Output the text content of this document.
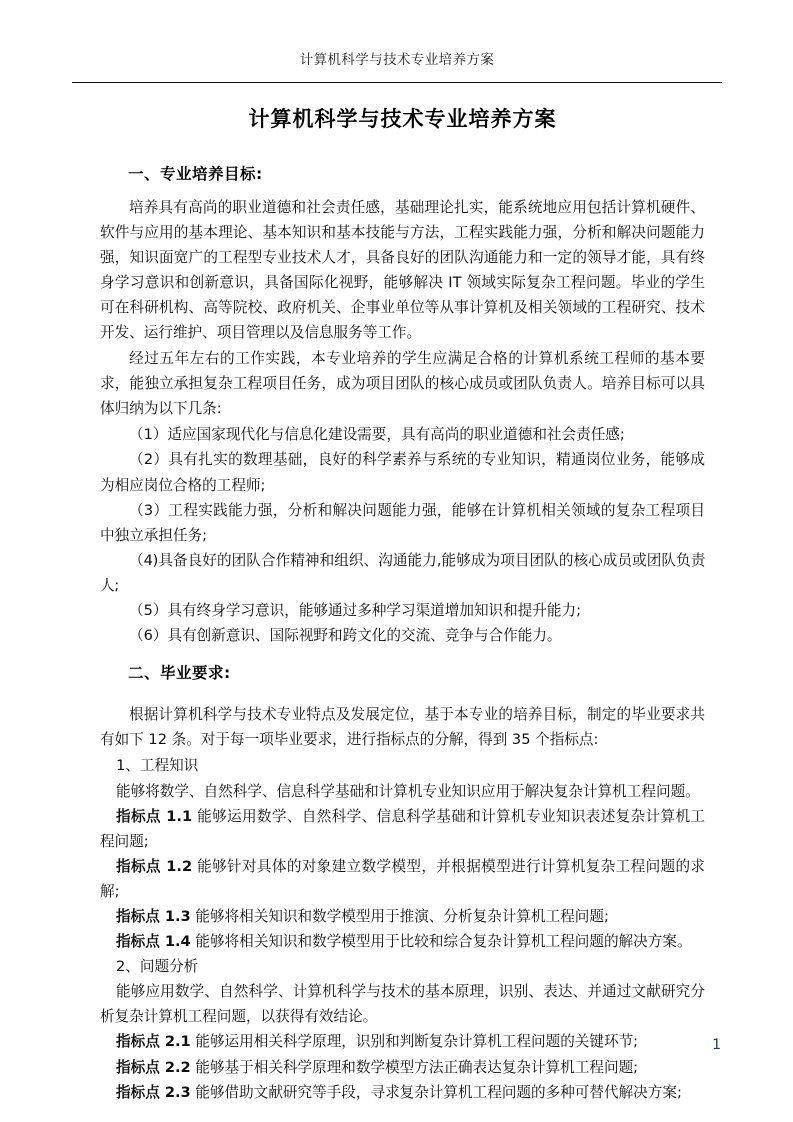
计算机科学与技术专业培养方案
计算机科学与技术专业培养方案

一、专业培养目标:

培养具有高尚的职业道德和社会责任感，基础理论扎实，能系统地应用包括计算机硬件、软件与应用的基本理论、基本知识和基本技能与方法，工程实践能力强，分析和解决问题能力强，知识面宽广的工程型专业技术人才，具备良好的团队沟通能力和一定的领导才能，具有终身学习意识和创新意识，具备国际化视野，能够解决 IT 领域实际复杂工程问题。毕业的学生可在科研机构、高等院校、政府机关、企事业单位等从事计算机及相关领域的工程研究、技术开发、运行维护、项目管理以及信息服务等工作。

经过五年左右的工作实践，本专业培养的学生应满足合格的计算机系统工程师的基本要求，能独立承担复杂工程项目任务，成为项目团队的核心成员或团队负责人。培养目标可以具体归纳为以下几条:

（1）适应国家现代化与信息化建设需要，具有高尚的职业道德和社会责任感;

（2）具有扎实的数理基础，良好的科学素养与系统的专业知识，精通岗位业务，能够成为相应岗位合格的工程师;

（3）工程实践能力强，分析和解决问题能力强，能够在计算机相关领域的复杂工程项目中独立承担任务;

（4)具备良好的团队合作精神和组织、沟通能力,能够成为项目团队的核心成员或团队负责人;

（5）具有终身学习意识，能够通过多种学习渠道增加知识和提升能力;

（6）具有创新意识、国际视野和跨文化的交流、竞争与合作能力。

二、毕业要求:

根据计算机科学与技术专业特点及发展定位，基于本专业的培养目标，制定的毕业要求共有如下 12 条。对于每一项毕业要求，进行指标点的分解，得到 35 个指标点:

1、工程知识

能够将数学、自然科学、信息科学基础和计算机专业知识应用于解决复杂计算机工程问题。

指标点 1.1 能够运用数学、自然科学、信息科学基础和计算机专业知识表述复杂计算机工程问题;

指标点 1.2 能够针对具体的对象建立数学模型，并根据模型进行计算机复杂工程问题的求解;

指标点 1.3 能够将相关知识和数学模型用于推演、分析复杂计算机工程问题;

指标点 1.4 能够将相关知识和数学模型用于比较和综合复杂计算机工程问题的解决方案。

2、问题分析

能够应用数学、自然科学、计算机科学与技术的基本原理，识别、表达、并通过文献研究分析复杂计算机工程问题，以获得有效结论。

指标点 2.1 能够运用相关科学原理，识别和判断复杂计算机工程问题的关键环节;

指标点 2.2 能够基于相关科学原理和数学模型方法正确表达复杂计算机工程问题;

指标点 2.3 能够借助文献研究等手段，寻求复杂计算机工程问题的多种可替代解决方案;

1
